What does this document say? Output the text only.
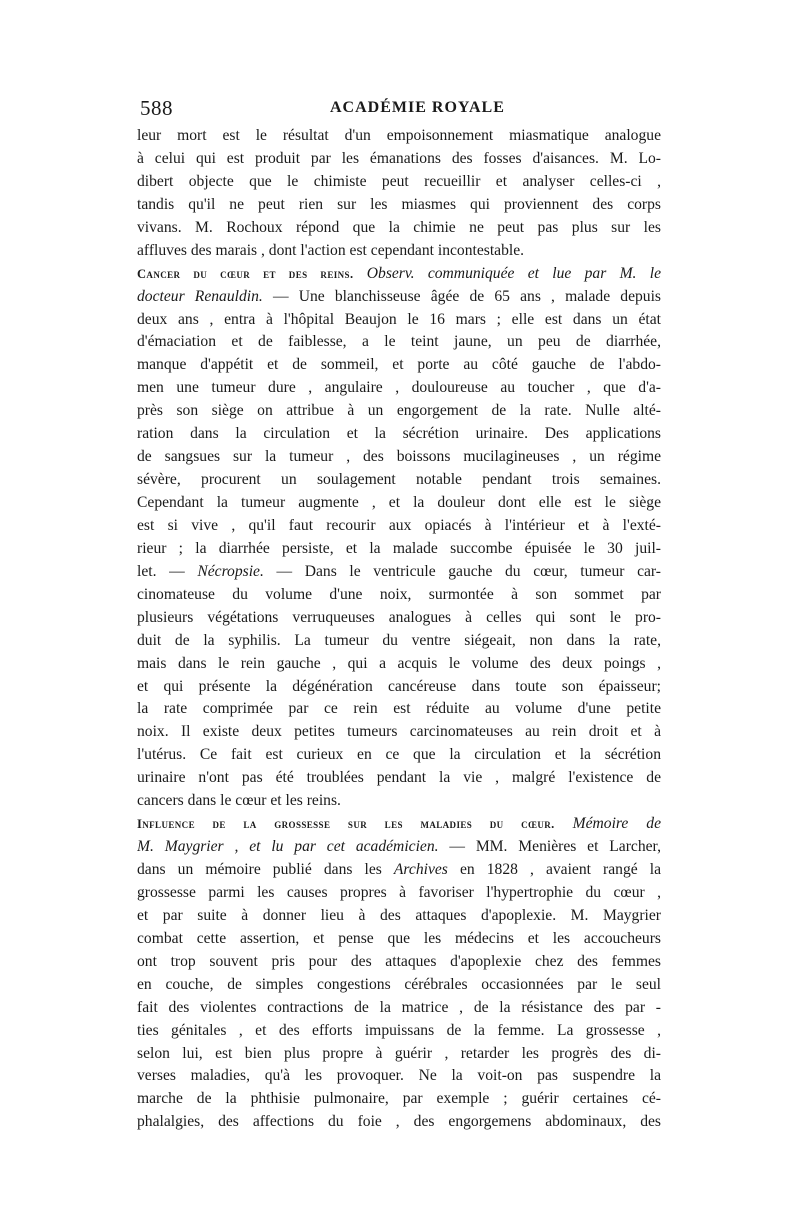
588	ACADÉMIE ROYALE
leur mort est le résultat d'un empoisonnement miasmatique analogue
à celui qui est produit par les émanations des fosses d'aisances. M. Lo-
dibert objecte que le chimiste peut recueillir et analyser celles-ci ,
tandis qu'il ne peut rien sur les miasmes qui proviennent des corps
vivans. M. Rochoux répond que la chimie ne peut pas plus sur les
affluves des marais , dont l'action est cependant incontestable.
Cancer du cœur et des reins. Observ. communiquée et lue par M. le
docteur Renauldin. — Une blanchisseuse âgée de 65 ans , malade depuis
deux ans , entra à l'hôpital Beaujon le 16 mars ; elle est dans un état
d'émaciation et de faiblesse, a le teint jaune, un peu de diarrhée,
manque d'appétit et de sommeil, et porte au côté gauche de l'abdo-
men une tumeur dure , angulaire , douloureuse au toucher , que d'a-
près son siège on attribue à un engorgement de la rate. Nulle alté-
ration dans la circulation et la sécrétion urinaire. Des applications
de sangsues sur la tumeur , des boissons mucilagineuses , un régime
sévère, procurent un soulagement notable pendant trois semaines.
Cependant la tumeur augmente , et la douleur dont elle est le siège
est si vive , qu'il faut recourir aux opiacés à l'intérieur et à l'exté-
rieur ; la diarrhée persiste, et la malade succombe épuisée le 30 juil-
let. — Nécropsie. — Dans le ventricule gauche du cœur, tumeur car-
cinomateuse du volume d'une noix, surmontée à son sommet par
plusieurs végétations verruqueuses analogues à celles qui sont le pro-
duit de la syphilis. La tumeur du ventre siégeait, non dans la rate,
mais dans le rein gauche , qui a acquis le volume des deux poings ,
et qui présente la dégénération cancéreuse dans toute son épaisseur;
la rate comprimée par ce rein est réduite au volume d'une petite
noix. Il existe deux petites tumeurs carcinomateuses au rein droit et à
l'utérus. Ce fait est curieux en ce que la circulation et la sécrétion
urinaire n'ont pas été troublées pendant la vie , malgré l'existence de
cancers dans le cœur et les reins.
Influence de la grossesse sur les maladies du cœur. Mémoire de
M. Maygrier , et lu par cet académicien. — MM. Menières et Larcher,
dans un mémoire publié dans les Archives en 1828 , avaient rangé la
grossesse parmi les causes propres à favoriser l'hypertrophie du cœur ,
et par suite à donner lieu à des attaques d'apoplexie. M. Maygrier
combat cette assertion, et pense que les médecins et les accoucheurs
ont trop souvent pris pour des attaques d'apoplexie chez des femmes
en couche, de simples congestions cérébrales occasionnées par le seul
fait des violentes contractions de la matrice , de la résistance des par -
ties génitales , et des efforts impuissans de la femme. La grossesse ,
selon lui, est bien plus propre à guérir , retarder les progrès des di-
verses maladies, qu'à les provoquer. Ne la voit-on pas suspendre la
marche de la phthisie pulmonaire, par exemple ; guérir certaines cé-
phalalgies, des affections du foie , des engorgemens abdominaux, des
